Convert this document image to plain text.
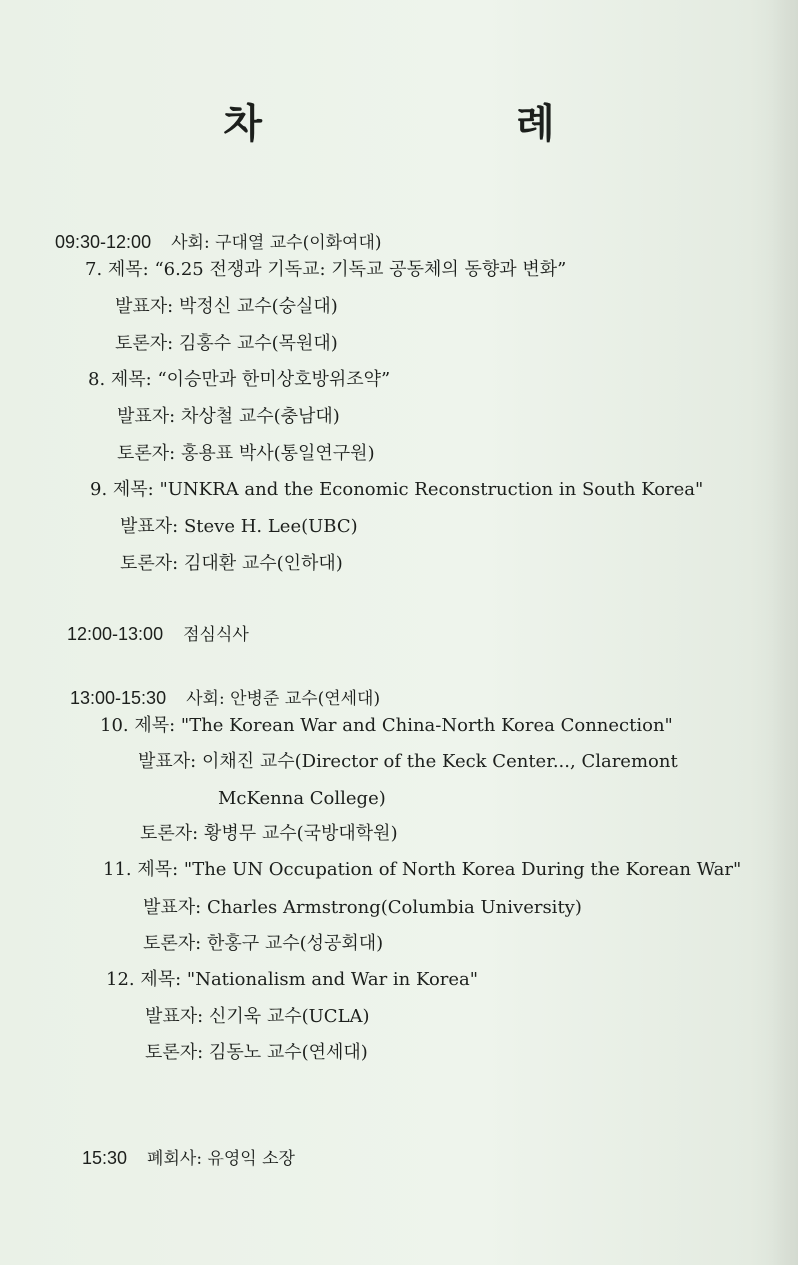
차 례
09:30-12:00 사회: 구대열 교수(이화여대)
7. 제목: “6.25 전쟁과 기독교: 기독교 공동체의 동향과 변화”
발표자: 박정신 교수(숭실대)
토론자: 김홍수 교수(목원대)
8. 제목: “이승만과 한미상호방위조약”
발표자: 차상철 교수(충남대)
토론자: 홍용표 박사(통일연구원)
9. 제목: "UNKRA and the Economic Reconstruction in South Korea"
발표자: Steve H. Lee(UBC)
토론자: 김대환 교수(인하대)
12:00-13:00 점심식사
13:00-15:30 사회: 안병준 교수(연세대)
10. 제목: "The Korean War and China-North Korea Connection"
발표자: 이채진 교수(Director of the Keck Center..., Claremont
McKenna College)
토론자: 황병무 교수(국방대학원)
11. 제목: "The UN Occupation of North Korea During the Korean War"
발표자: Charles Armstrong(Columbia University)
토론자: 한홍구 교수(성공회대)
12. 제목: "Nationalism and War in Korea"
발표자: 신기욱 교수(UCLA)
토론자: 김동노 교수(연세대)
15:30 폐회사: 유영익 소장
